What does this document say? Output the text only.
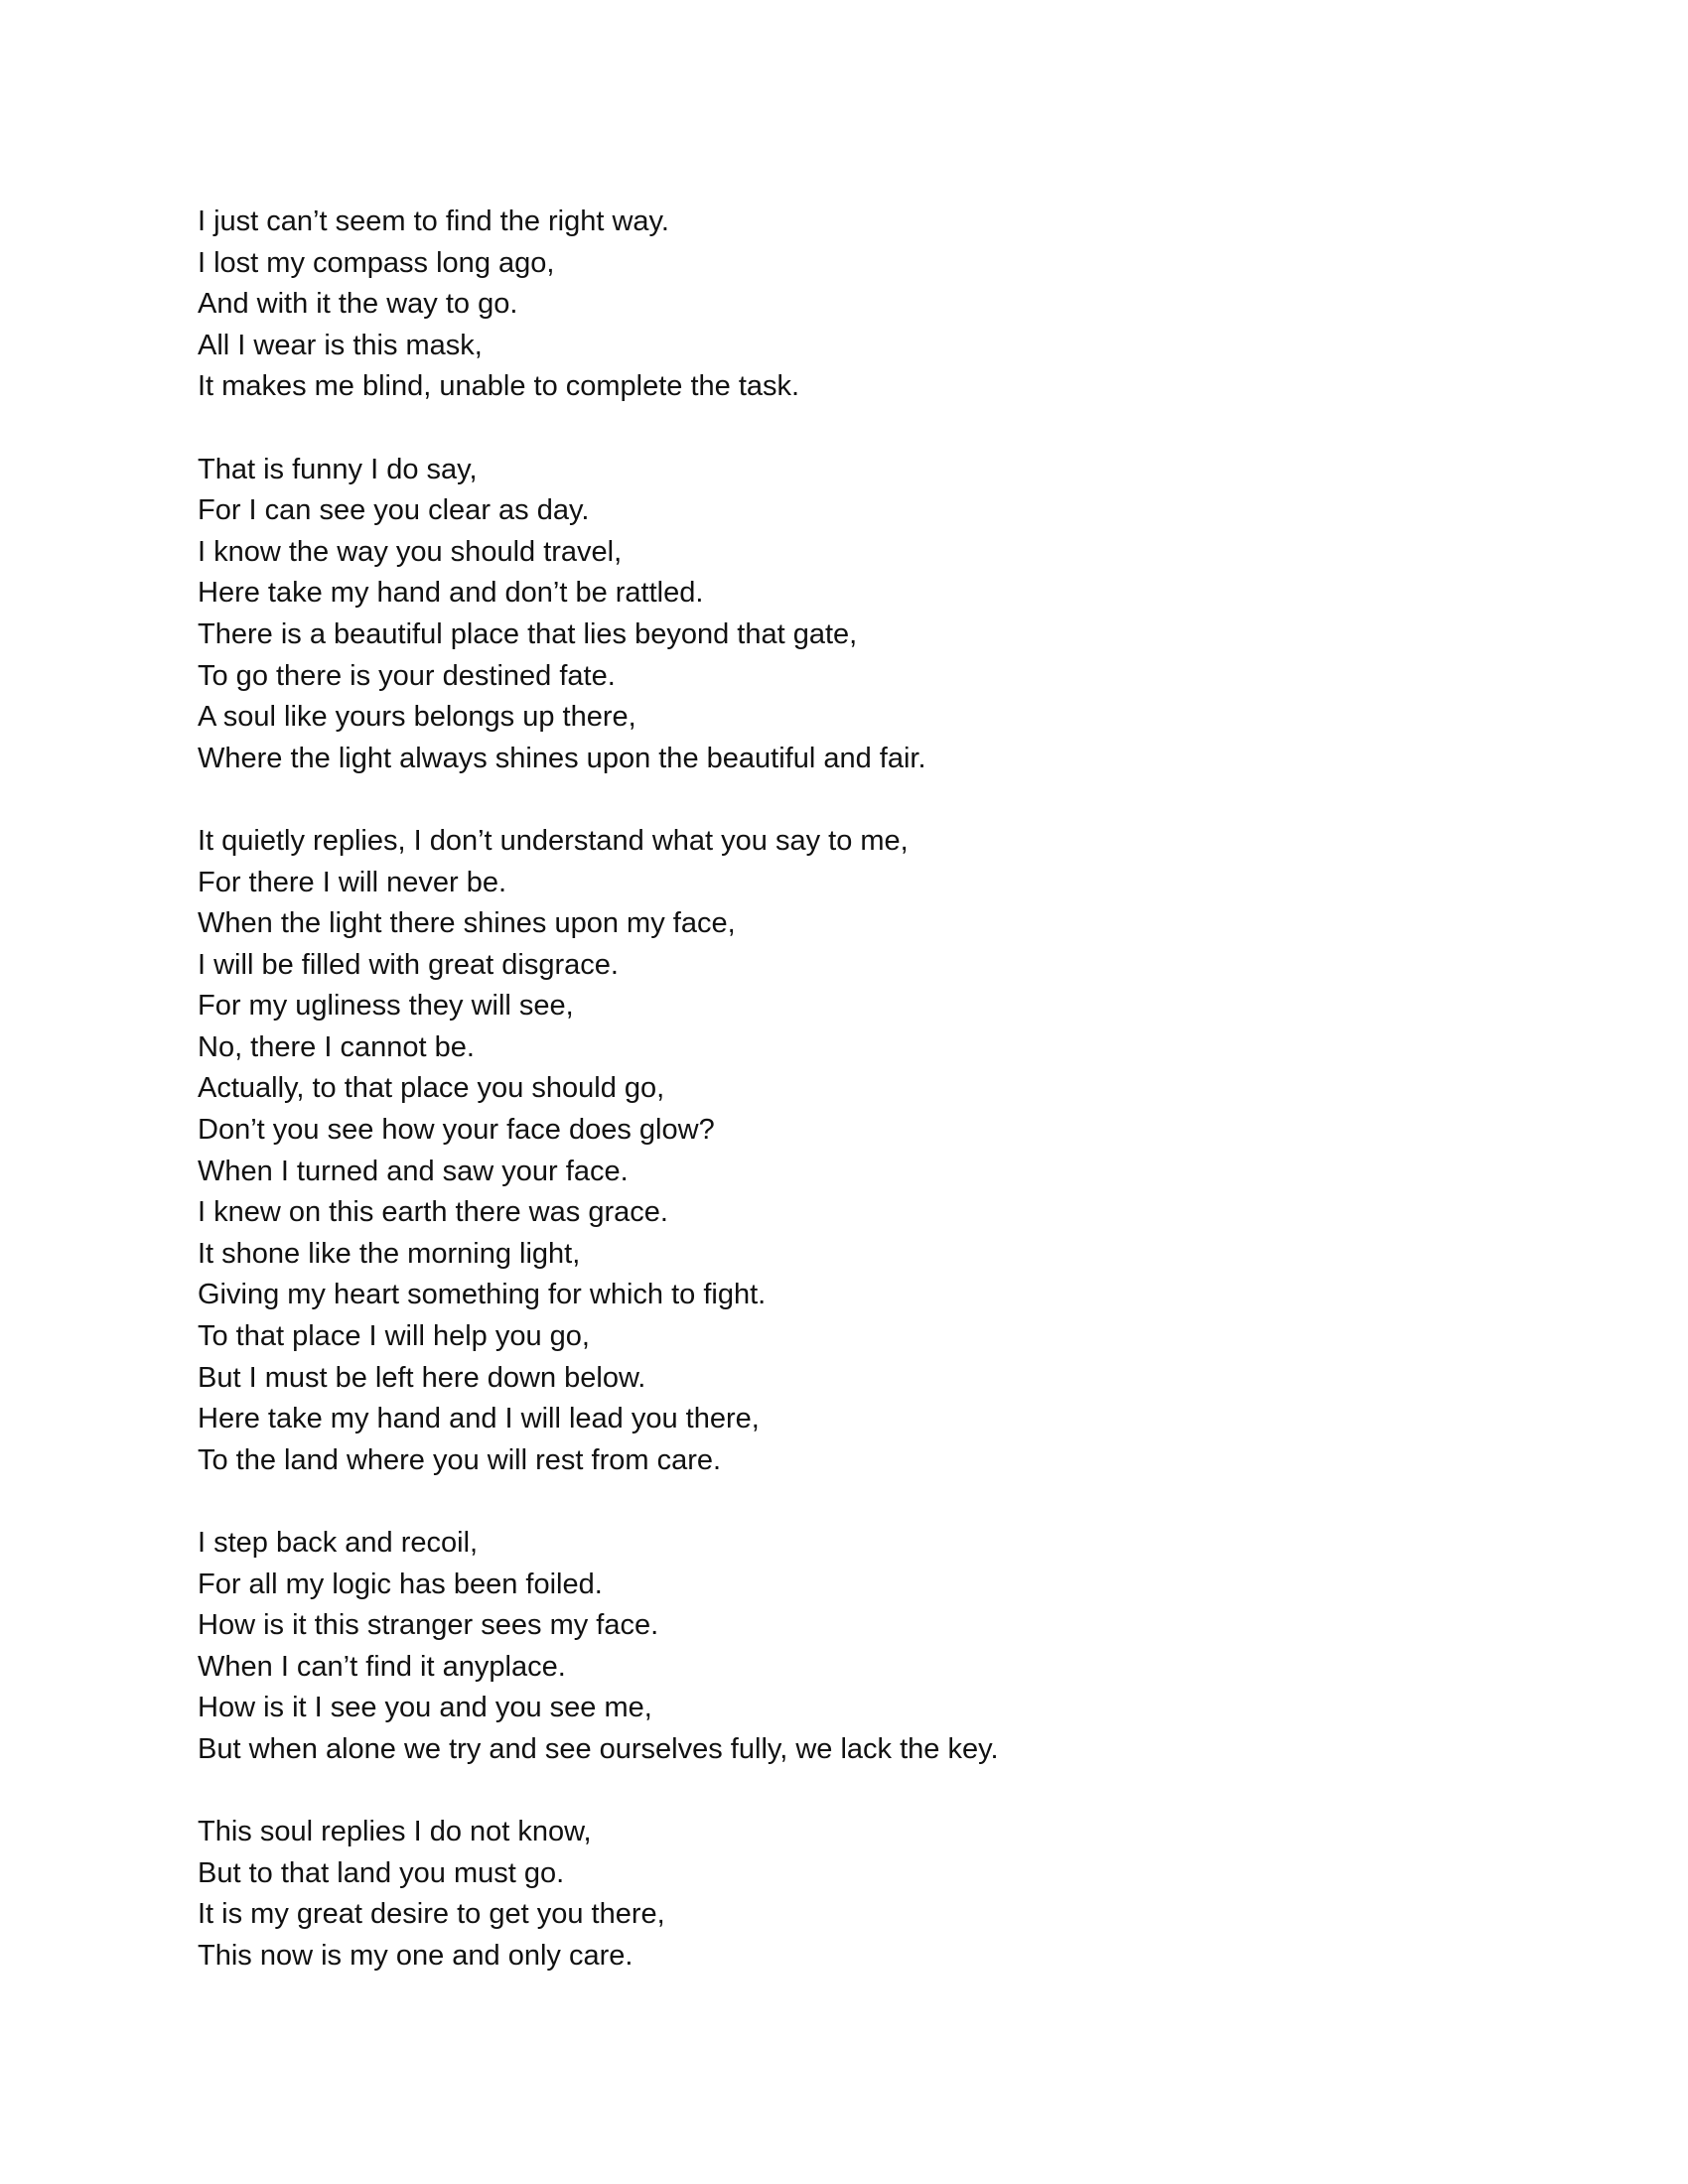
I just can’t seem to find the right way.
I lost my compass long ago,
And with it the way to go.
All I wear is this mask,
It makes me blind, unable to complete the task.
That is funny I do say,
For I can see you clear as day.
I know the way you should travel,
Here take my hand and don’t be rattled.
There is a beautiful place that lies beyond that gate,
To go there is your destined fate.
A soul like yours belongs up there,
Where the light always shines upon the beautiful and fair.
It quietly replies, I don’t understand what you say to me,
For there I will never be.
When the light there shines upon my face,
I will be filled with great disgrace.
For my ugliness they will see,
No, there I cannot be.
Actually, to that place you should go,
Don’t you see how your face does glow?
When I turned and saw your face.
I knew on this earth there was grace.
It shone like the morning light,
Giving my heart something for which to fight.
To that place I will help you go,
But I must be left here down below.
Here take my hand and I will lead you there,
To the land where you will rest from care.
I step back and recoil,
For all my logic has been foiled.
How is it this stranger sees my face.
When I can’t find it anyplace.
How is it I see you and you see me,
But when alone we try and see ourselves fully, we lack the key.
This soul replies I do not know,
But to that land you must go.
It is my great desire to get you there,
This now is my one and only care.
